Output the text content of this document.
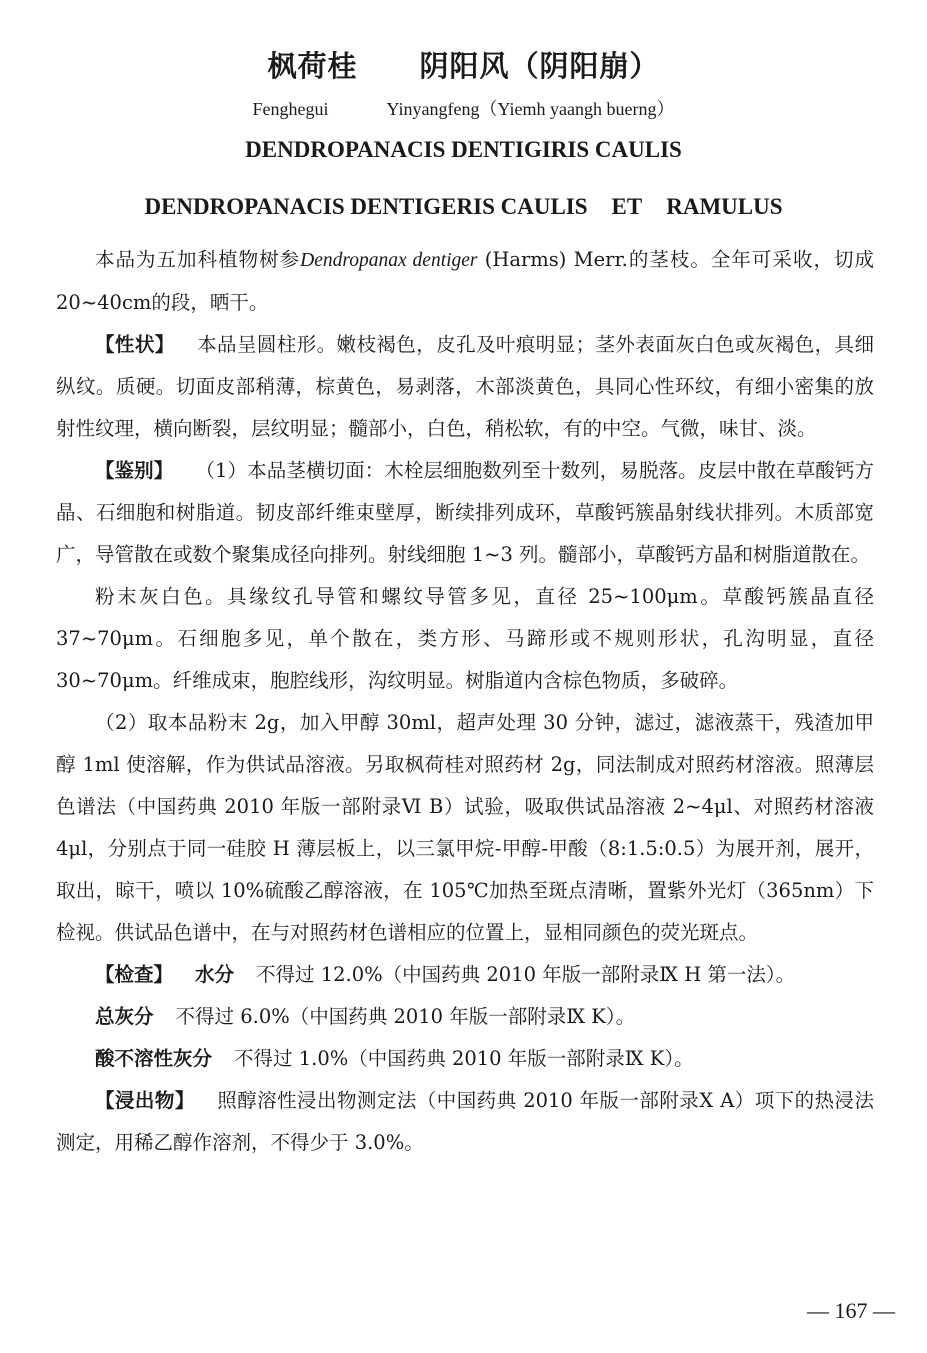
枫荷桂 阴阳风（阴阳崩）
Fenghegui	Yinyangfeng（Yiemh yaangh buerng）
DENDROPANACIS DENTIGIRIS CAULIS
DENDROPANACIS DENTIGERIS CAULIS ET RAMULUS

本品为五加科植物树参Dendropanax dentiger (Harms) Merr.的茎枝。全年可采收，切成20~40cm的段，晒干。

【性状】 本品呈圆柱形。嫩枝褐色，皮孔及叶痕明显；茎外表面灰白色或灰褐色，具细纵纹。质硬。切面皮部稍薄，棕黄色，易剥落，木部淡黄色，具同心性环纹，有细小密集的放射性纹理，横向断裂，层纹明显；髓部小，白色，稍松软，有的中空。气微，味甘、淡。

【鉴别】 （1）本品茎横切面：木栓层细胞数列至十数列，易脱落。皮层中散在草酸钙方晶、石细胞和树脂道。韧皮部纤维束壁厚，断续排列成环，草酸钙簇晶射线状排列。木质部宽广，导管散在或数个聚集成径向排列。射线细胞 1~3 列。髓部小，草酸钙方晶和树脂道散在。

粉末灰白色。具缘纹孔导管和螺纹导管多见，直径 25~100μm。草酸钙簇晶直径 37~70μm。石细胞多见，单个散在，类方形、马蹄形或不规则形状，孔沟明显，直径 30~70μm。纤维成束，胞腔线形，沟纹明显。树脂道内含棕色物质，多破碎。

（2）取本品粉末 2g，加入甲醇 30ml，超声处理 30 分钟，滤过，滤液蒸干，残渣加甲醇 1ml 使溶解，作为供试品溶液。另取枫荷桂对照药材 2g，同法制成对照药材溶液。照薄层色谱法（中国药典 2010 年版一部附录Ⅵ B）试验，吸取供试品溶液 2~4μl、对照药材溶液 4μl，分别点于同一硅胶 H 薄层板上，以三氯甲烷-甲醇-甲酸（8:1.5:0.5）为展开剂，展开，取出，晾干，喷以 10%硫酸乙醇溶液，在 105℃加热至斑点清晰，置紫外光灯（365nm）下检视。供试品色谱中，在与对照药材色谱相应的位置上，显相同颜色的荧光斑点。

【检查】 水分 不得过 12.0%（中国药典 2010 年版一部附录Ⅸ H 第一法）。

总灰分 不得过 6.0%（中国药典 2010 年版一部附录Ⅸ K）。

酸不溶性灰分 不得过 1.0%（中国药典 2010 年版一部附录Ⅸ K）。

【浸出物】 照醇溶性浸出物测定法（中国药典 2010 年版一部附录Ⅹ A）项下的热浸法测定，用稀乙醇作溶剂，不得少于 3.0%。

— 167 —
